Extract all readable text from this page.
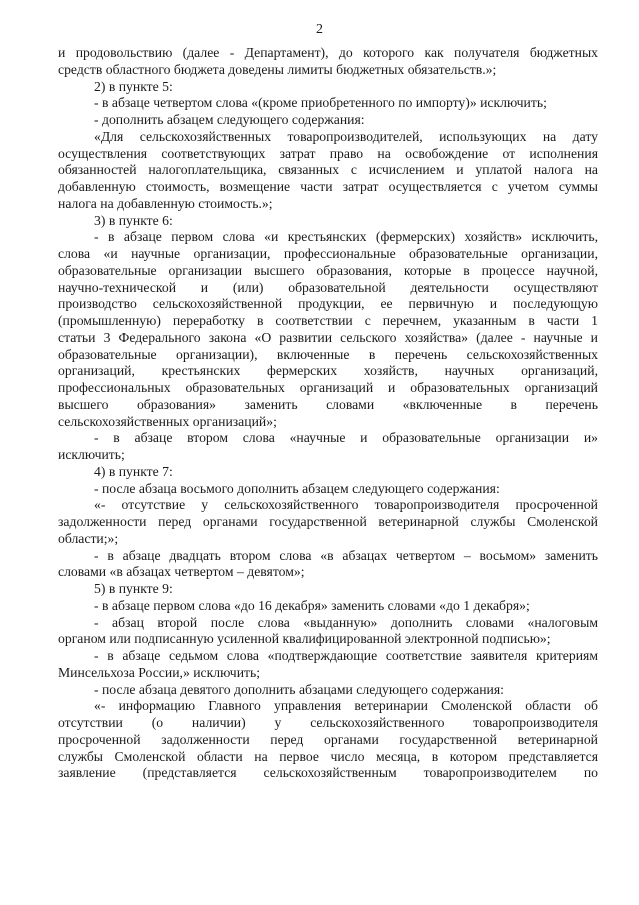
2
и продовольствию (далее - Департамент), до которого как получателя бюджетных
средств областного бюджета доведены лимиты бюджетных обязательств.»;
2) в пункте 5:
- в абзаце четвертом слова «(кроме приобретенного по импорту)» исключить;
- дополнить абзацем следующего содержания:
«Для сельскохозяйственных товаропроизводителей, использующих на дату
осуществления соответствующих затрат право на освобождение от исполнения
обязанностей налогоплательщика, связанных с исчислением и уплатой налога на
добавленную стоимость, возмещение части затрат осуществляется с учетом суммы
налога на добавленную стоимость.»;
3) в пункте 6:
- в абзаце первом слова «и крестьянских (фермерских) хозяйств» исключить,
слова «и научные организации, профессиональные образовательные организации,
образовательные организации высшего образования, которые в процессе научной,
научно-технической и (или) образовательной деятельности осуществляют
производство сельскохозяйственной продукции, ее первичную и последующую
(промышленную) переработку в соответствии с перечнем, указанным в части 1
статьи 3 Федерального закона «О развитии сельского хозяйства» (далее - научные и
образовательные организации), включенные в перечень сельскохозяйственных
организаций, крестьянских фермерских хозяйств, научных организаций,
профессиональных образовательных организаций и образовательных организаций
высшего образования» заменить словами «включенные в перечень
сельскохозяйственных организаций»;
- в абзаце втором слова «научные и образовательные организации и»
исключить;
4) в пункте 7:
- после абзаца восьмого дополнить абзацем следующего содержания:
«- отсутствие у сельскохозяйственного товаропроизводителя просроченной
задолженности перед органами государственной ветеринарной службы Смоленской
области;»;
- в абзаце двадцать втором слова «в абзацах четвертом – восьмом» заменить
словами «в абзацах четвертом – девятом»;
5) в пункте 9:
- в абзаце первом слова «до 16 декабря» заменить словами «до 1 декабря»;
- абзац второй после слова «выданную» дополнить словами «налоговым
органом или подписанную усиленной квалифицированной электронной подписью»;
- в абзаце седьмом слова «подтверждающие соответствие заявителя критериям
Минсельхоза России,» исключить;
- после абзаца девятого дополнить абзацами следующего содержания:
«- информацию Главного управления ветеринарии Смоленской области об
отсутствии (о наличии) у сельскохозяйственного товаропроизводителя
просроченной задолженности перед органами государственной ветеринарной
службы Смоленской области на первое число месяца, в котором представляется
заявление (представляется сельскохозяйственным товаропроизводителем по
